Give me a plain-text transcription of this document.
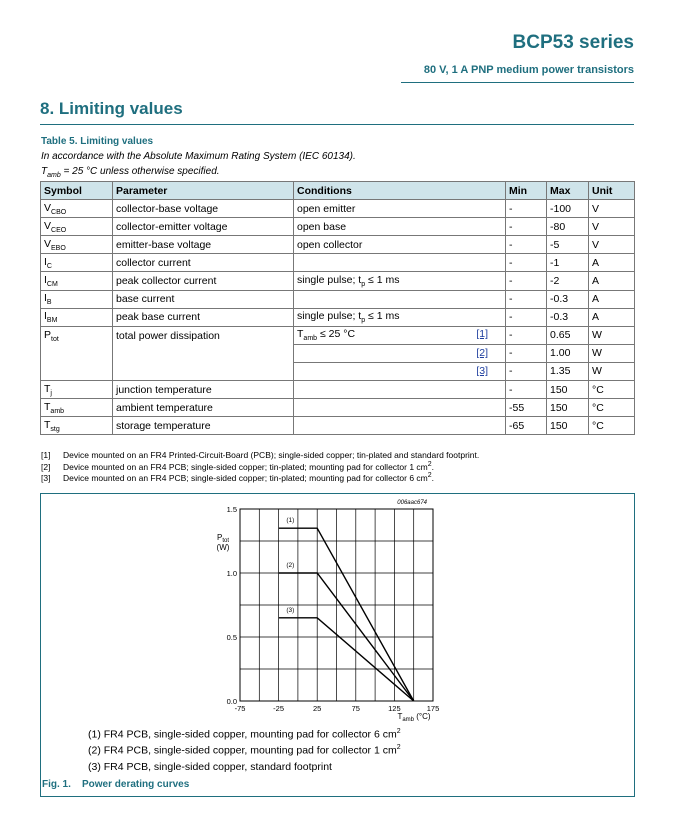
BCP53 series
80 V, 1 A PNP medium power transistors
8. Limiting values
Table 5. Limiting values
In accordance with the Absolute Maximum Rating System (IEC 60134).
$T_{amb} = 25$ °C unless otherwise specified.
Symbol	Parameter	Conditions	Min	Max	Unit
$V_{CBO}$	collector-base voltage	open emitter	-	-100	V
$V_{CEO}$	collector-emitter voltage	open base	-	-80	V
$V_{EBO}$	emitter-base voltage	open collector	-	-5	V
$I_C$	collector current		-	-1	A
$I_{CM}$	peak collector current	single pulse; $t_p \le 1$ ms	-	-2	A
$I_B$	base current		-	-0.3	A
$I_{BM}$	peak base current	single pulse; $t_p \le 1$ ms	-	-0.3	A
$P_{tot}$	total power dissipation	$T_{amb} \le 25$ °C [1]	-	0.65	W

		[2]	-	1.00	W

		[3]	-	1.35	W
$T_j$	junction temperature		-	150	°C
$T_{amb}$	ambient temperature		-55	150	°C
$T_{stg}$	storage temperature		-65	150	°C
[1] Device mounted on an FR4 Printed-Circuit-Board (PCB); single-sided copper; tin-plated and standard footprint.
[2] Device mounted on an FR4 PCB; single-sided copper; tin-plated; mounting pad for collector 1 $cm^2$.
[3] Device mounted on an FR4 PCB; single-sided copper; tin-plated; mounting pad for collector 6 $cm^2$.
(1)
(2)
(3)
-75	-25	25	75	125	175
0.0
0.5
1.0
1.5
006aac674
$P_{tot}$
(W)
$T_{amb}$ (°C)
(1) FR4 PCB, single-sided copper, mounting pad for collector 6 $cm^2$
(2) FR4 PCB, single-sided copper, mounting pad for collector 1 $cm^2$
(3) FR4 PCB, single-sided copper, standard footprint
Fig. 1.    Power derating curves
